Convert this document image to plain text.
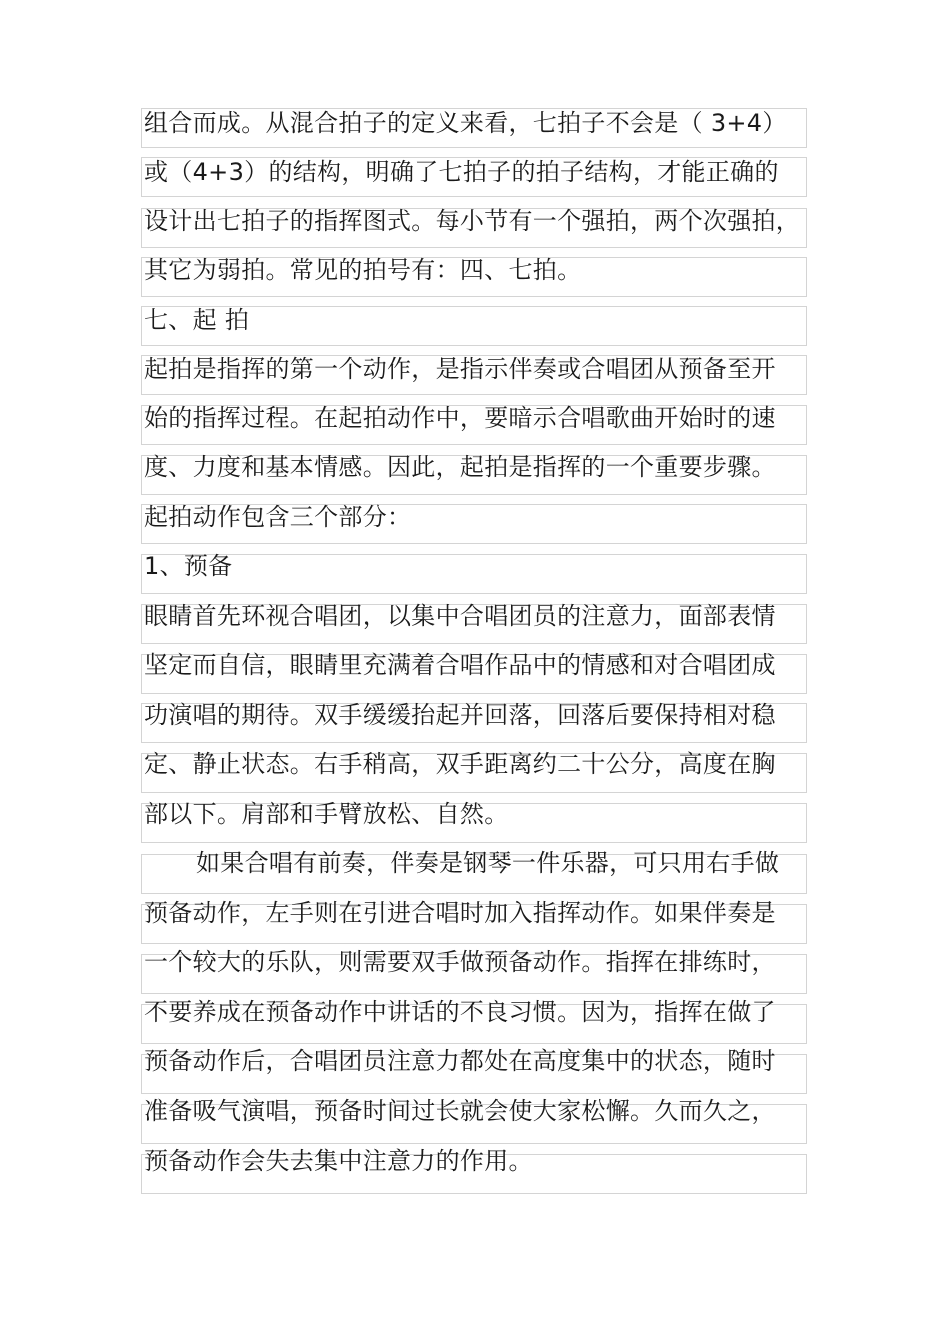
组合而成。从混合拍子的定义来看，七拍子不会是（ 3+4）
或（4+3）的结构，明确了七拍子的拍子结构，才能正确的
设计出七拍子的指挥图式。每小节有一个强拍，两个次强拍，
其它为弱拍。常见的拍号有：四、七拍。
七、起 拍
起拍是指挥的第一个动作，是指示伴奏或合唱团从预备至开
始的指挥过程。在起拍动作中，要暗示合唱歌曲开始时的速
度、力度和基本情感。因此，起拍是指挥的一个重要步骤。
起拍动作包含三个部分：
1、预备
眼睛首先环视合唱团，以集中合唱团员的注意力，面部表情
坚定而自信，眼睛里充满着合唱作品中的情感和对合唱团成
功演唱的期待。双手缓缓抬起并回落，回落后要保持相对稳
定、静止状态。右手稍高，双手距离约二十公分，高度在胸
部以下。肩部和手臂放松、自然。
如果合唱有前奏，伴奏是钢琴一件乐器，可只用右手做
预备动作，左手则在引进合唱时加入指挥动作。如果伴奏是
一个较大的乐队，则需要双手做预备动作。指挥在排练时，
不要养成在预备动作中讲话的不良习惯。因为，指挥在做了
预备动作后，合唱团员注意力都处在高度集中的状态，随时
准备吸气演唱，预备时间过长就会使大家松懈。久而久之，
预备动作会失去集中注意力的作用。
